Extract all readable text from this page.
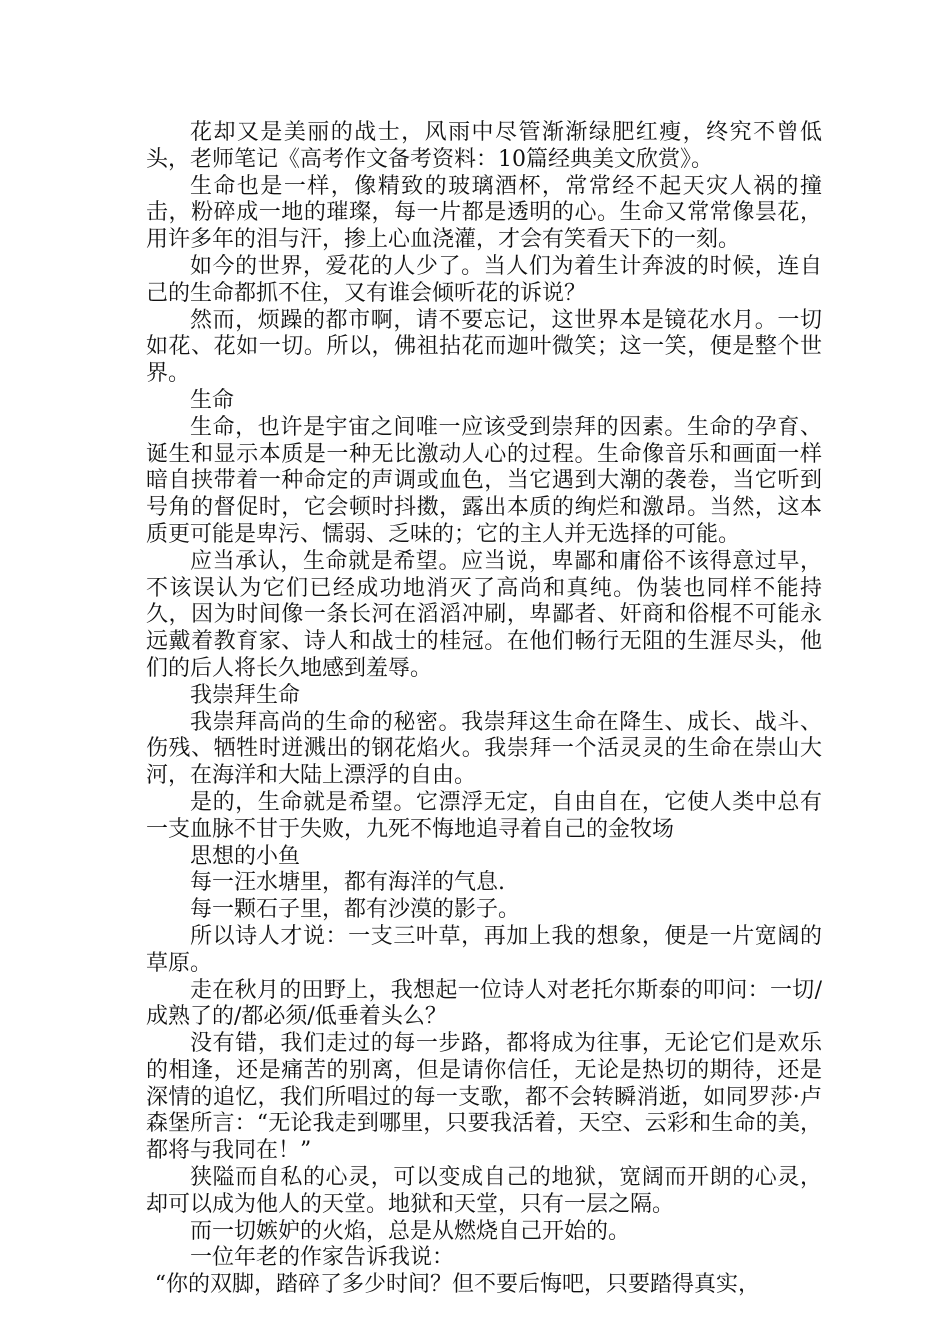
花却又是美丽的战士，风雨中尽管渐渐绿肥红瘦，终究不曾低头，老师笔记《高考作文备考资料：10篇经典美文欣赏》。

生命也是一样，像精致的玻璃酒杯，常常经不起天灾人祸的撞击，粉碎成一地的璀璨，每一片都是透明的心。生命又常常像昙花，用许多年的泪与汗，掺上心血浇灌，才会有笑看天下的一刻。

如今的世界，爱花的人少了。当人们为着生计奔波的时候，连自己的生命都抓不住，又有谁会倾听花的诉说？

然而，烦躁的都市啊，请不要忘记，这世界本是镜花水月。一切如花、花如一切。所以，佛祖拈花而迦叶微笑；这一笑，便是整个世界。

生命

生命，也许是宇宙之间唯一应该受到崇拜的因素。生命的孕育、诞生和显示本质是一种无比激动人心的过程。生命像音乐和画面一样暗自挟带着一种命定的声调或血色，当它遇到大潮的袭卷，当它听到号角的督促时，它会顿时抖擞，露出本质的绚烂和激昂。当然，这本质更可能是卑污、懦弱、乏味的；它的主人并无选择的可能。

应当承认，生命就是希望。应当说，卑鄙和庸俗不该得意过早，不该误认为它们已经成功地消灭了高尚和真纯。伪装也同样不能持久，因为时间像一条长河在滔滔冲刷，卑鄙者、奸商和俗棍不可能永远戴着教育家、诗人和战士的桂冠。在他们畅行无阻的生涯尽头，他们的后人将长久地感到羞辱。

我崇拜生命

我崇拜高尚的生命的秘密。我崇拜这生命在降生、成长、战斗、伤残、牺牲时迸溅出的钢花焰火。我崇拜一个活灵灵的生命在崇山大河，在海洋和大陆上漂浮的自由。

是的，生命就是希望。它漂浮无定，自由自在，它使人类中总有一支血脉不甘于失败，九死不悔地追寻着自己的金牧场

思想的小鱼

每一汪水塘里，都有海洋的气息.

每一颗石子里，都有沙漠的影子。

所以诗人才说：一支三叶草，再加上我的想象，便是一片宽阔的草原。

走在秋月的田野上，我想起一位诗人对老托尔斯泰的叩问：一切/成熟了的/都必须/低垂着头么？

没有错，我们走过的每一步路，都将成为往事，无论它们是欢乐的相逢，还是痛苦的别离，但是请你信任，无论是热切的期待，还是深情的追忆，我们所唱过的每一支歌，都不会转瞬消逝，如同罗莎·卢森堡所言：“无论我走到哪里，只要我活着，天空、云彩和生命的美，都将与我同在！”

狭隘而自私的心灵，可以变成自己的地狱，宽阔而开朗的心灵，却可以成为他人的天堂。地狱和天堂，只有一层之隔。

而一切嫉妒的火焰，总是从燃烧自己开始的。

一位年老的作家告诉我说：

“你的双脚，踏碎了多少时间？但不要后悔吧，只要踏得真实，
